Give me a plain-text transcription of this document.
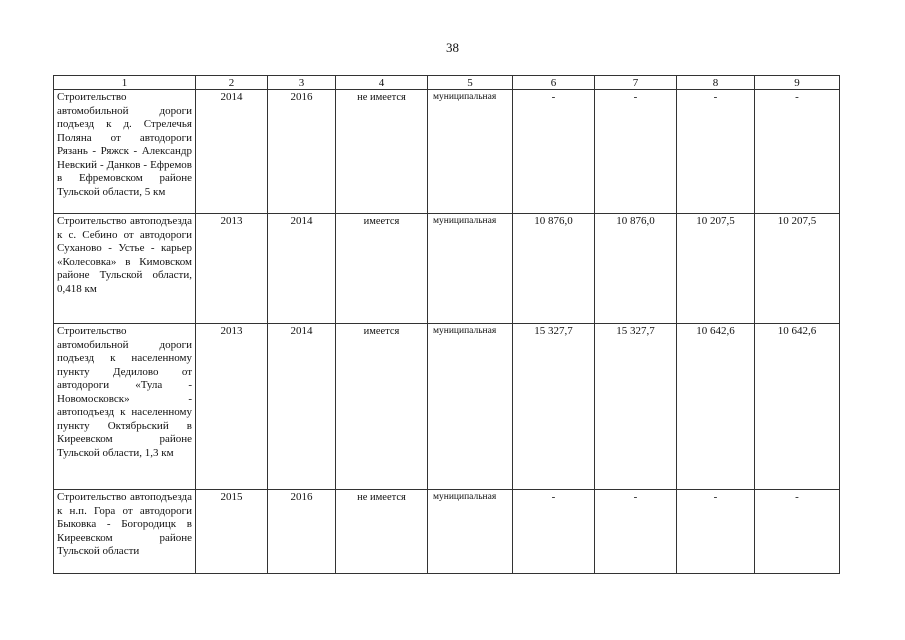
38
1	2	3	4	5	6	7	8	9
Строительство автомобильной дороги подъезд к д. Стрелечья Поляна от автодороги Рязань - Ряжск - Александр Невский - Данков - Ефремов в Ефремовском районе Тульской области, 5 км	2014	2016	не имеется	муниципальная	-	-	-	-
Строительство автоподъезда к с. Себино от автодороги Суханово - Устье - карьер «Колесовка» в Кимовском районе Тульской области, 0,418 км	2013	2014	имеется	муниципальная	10 876,0	10 876,0	10 207,5	10 207,5
Строительство автомобильной дороги подъезд к населенному пункту Дедилово от автодороги «Тула - Новомосковск» - автоподъезд к населенному пункту Октябрьский в Киреевском районе Тульской области, 1,3 км	2013	2014	имеется	муниципальная	15 327,7	15 327,7	10 642,6	10 642,6
Строительство автоподъезда к н.п. Гора от автодороги Быковка - Богородицк в Киреевском районе Тульской области	2015	2016	не имеется	муниципальная	-	-	-	-
